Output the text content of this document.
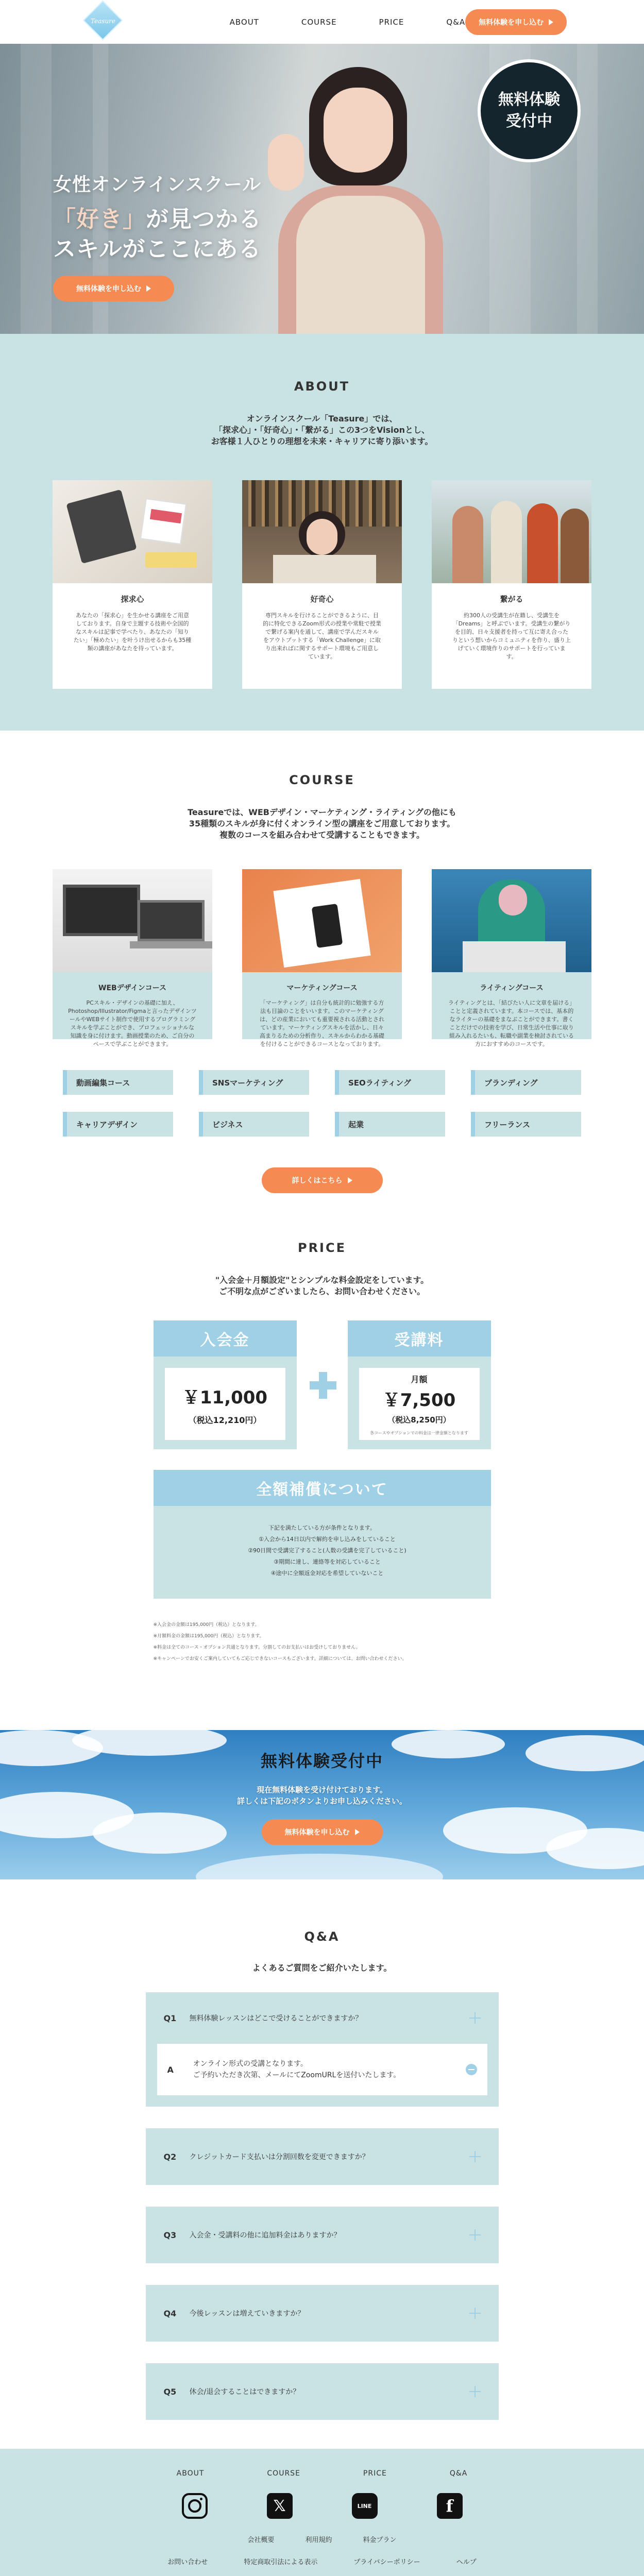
Teasure	ABOUT	COURSE	PRICE	Q&A 無料体験を申し込む
女性オンラインスクール
「好き」が見つかる
スキルがここにある
無料体験を申し込む
無料体験
受付中
ABOUT
オンラインスクール「Teasure」では、
「探求心」・「好奇心」・「繋がる」この3つをVisionとし、
お客様１人ひとりの理想を未来・キャリアに寄り添います。
探求心

あなたの「探求心」を生かせる講座をご用意しております。自身で主題する技術や全国的なスキルは記事で学べたり、あなたの「知りたい」「極めたい」を叶うけ出せるからも35種類の講座があなたを待っています。

好奇心

専門スキルを行けることができるように、目的に特化できるZoom形式の授業や常駐で授業で繋げる案内を通して、講座で学んだスキルをアウトプットする「Work Challenge」に取り出来ればに関するサポート環境もご用意しています。

繋がる

約300人の受講生が在籍し、受講生を「Dreams」と呼ぶでいます。受講生の繋がりを目的、日々支援者を持って互に寄え合ったりという想いからコミュニティを作り、盛り上げていく環境作りのサポートを行っています。

COURSE
Teasureでは、WEBデザイン・マーケティング・ライティングの他にも
35種類のスキルが身に付くオンライン型の講座をご用意しております。
複数のコースを組み合わせて受講することもできます。
WEBデザインコース

PCスキル・デザインの基礎に加え、Photoshop/Illustrator/Figmaと言ったデザインツールやWEBサイト制作で使用するプログラミングスキルを学ぶことができ、プロフェッショナルな知識を身に付けます。動画授業のため、ご自分のペースで学ぶことができます。

マーケティングコース

「マーケティング」は自分も統計的に勉強する方法も目論のことをいいます。このマーケティングは、どの産業においても重要視される活動とされています。マーケティングスキルを活かし、日々高まりるための分析作り、スキルからわかる基礎を付けることができるコースとなっております。

ライティングコース

ライティングとは、「結びたい人に文章を届ける」ことと定義されています。本コースでは、基本的なライターの基礎をまなぶことができます。書くことだけでの技術を学び、日常生活や仕事に取り組み入れるたいも、転職や副業を検討されている方におすすめのコースです。

動画編集コース	SNSマーケティング	SEOライティング	ブランディング
キャリアデザイン	ビジネス	起業	フリーランス
詳しくはこちら
PRICE
"入会金＋月額設定"とシンプルな料金設定をしています。
ご不明な点がございましたら、お問い合わせください。
入会金
￥11,000
（税込12,210円）
受講料
月額
￥7,500
（税込8,250円）
各コースやオプションでの料金は一律金額となります
全額補償について
下記を満たしている方が条件となります。
①入会から14日以内で解約を申し込みをしていること
②90日間で受講完了すること(人数の受講を完了していること)
③期間に達し、連絡等を対応していること
④途中に全額返金対応を希望していないこと
※入会金の金額は195,000円（税込）となります。
※月額料金の金額は195,000円（税込）となります。
※料金は全てのコース・オプション共通となります。分割してのお支払いはお受けしておりません。
※キャンペーンでお安くご案内していてもご応じできないコースもございます。詳細については、お問い合わせください。
無料体験受付中

現在無料体験を受け付けております。
詳しくは下記のボタンよりお申し込みください。

無料体験を申し込む
Q&A
よくあるご質問をご紹介いたします。
Q1	無料体験レッスンはどこで受けることができますか？
A
オンライン形式の受講となります。
ご予約いただき次第、メールにてZoomURLを送付いたします。
Q2	クレジットカード支払いは分割回数を変更できますか？
Q3	入会金・受講料の他に追加料金はありますか？
Q4	今後レッスンは増えていきますか？
Q5	休会/退会することはできますか？
ABOUT	COURSE	PRICE	Q&A
𝕏	LINE	f
会社概要	利用規約	料金プラン
お問い合わせ	特定商取引法による表示	プライバシーポリシー	ヘルプ
